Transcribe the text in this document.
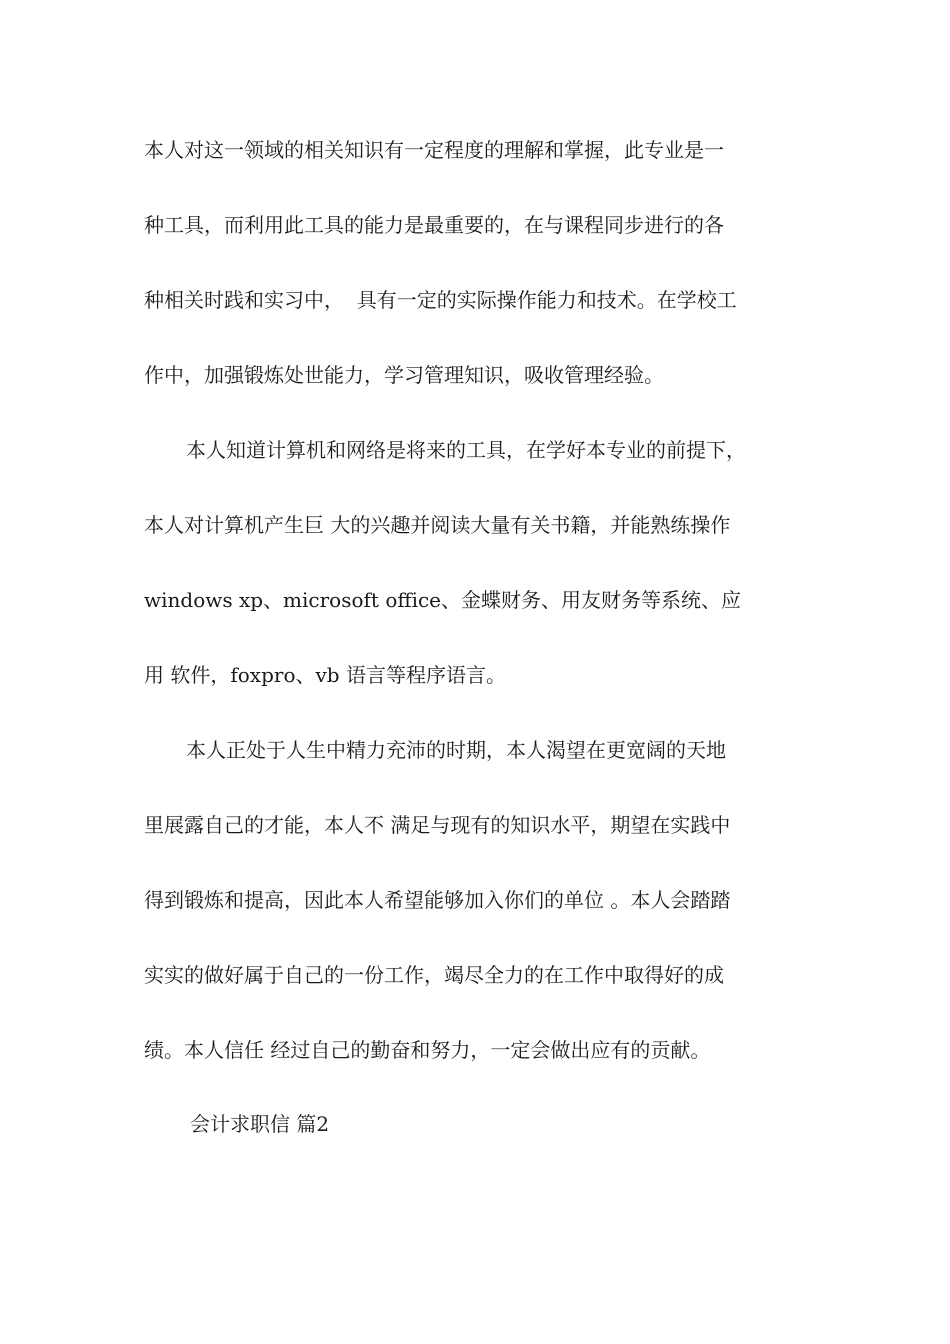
本人对这一领域的相关知识有一定程度的理解和掌握，此专业是一
种工具，而利用此工具的能力是最重要的，在与课程同步进行的各
种相关时践和实习中，  具有一定的实际操作能力和技术。在学校工
作中，加强锻炼处世能力，学习管理知识，吸收管理经验。
本人知道计算机和网络是将来的工具，在学好本专业的前提下，
本人对计算机产生巨 大的兴趣并阅读大量有关书籍，并能熟练操作
windows xp、microsoft office、金蝶财务、用友财务等系统、应
用 软件，foxpro、vb 语言等程序语言。
本人正处于人生中精力充沛的时期，本人渴望在更宽阔的天地
里展露自己的才能，本人不 满足与现有的知识水平，期望在实践中
得到锻炼和提高，因此本人希望能够加入你们的单位 。本人会踏踏
实实的做好属于自己的一份工作，竭尽全力的在工作中取得好的成
绩。本人信任 经过自己的勤奋和努力，一定会做出应有的贡献。
会计求职信 篇2
